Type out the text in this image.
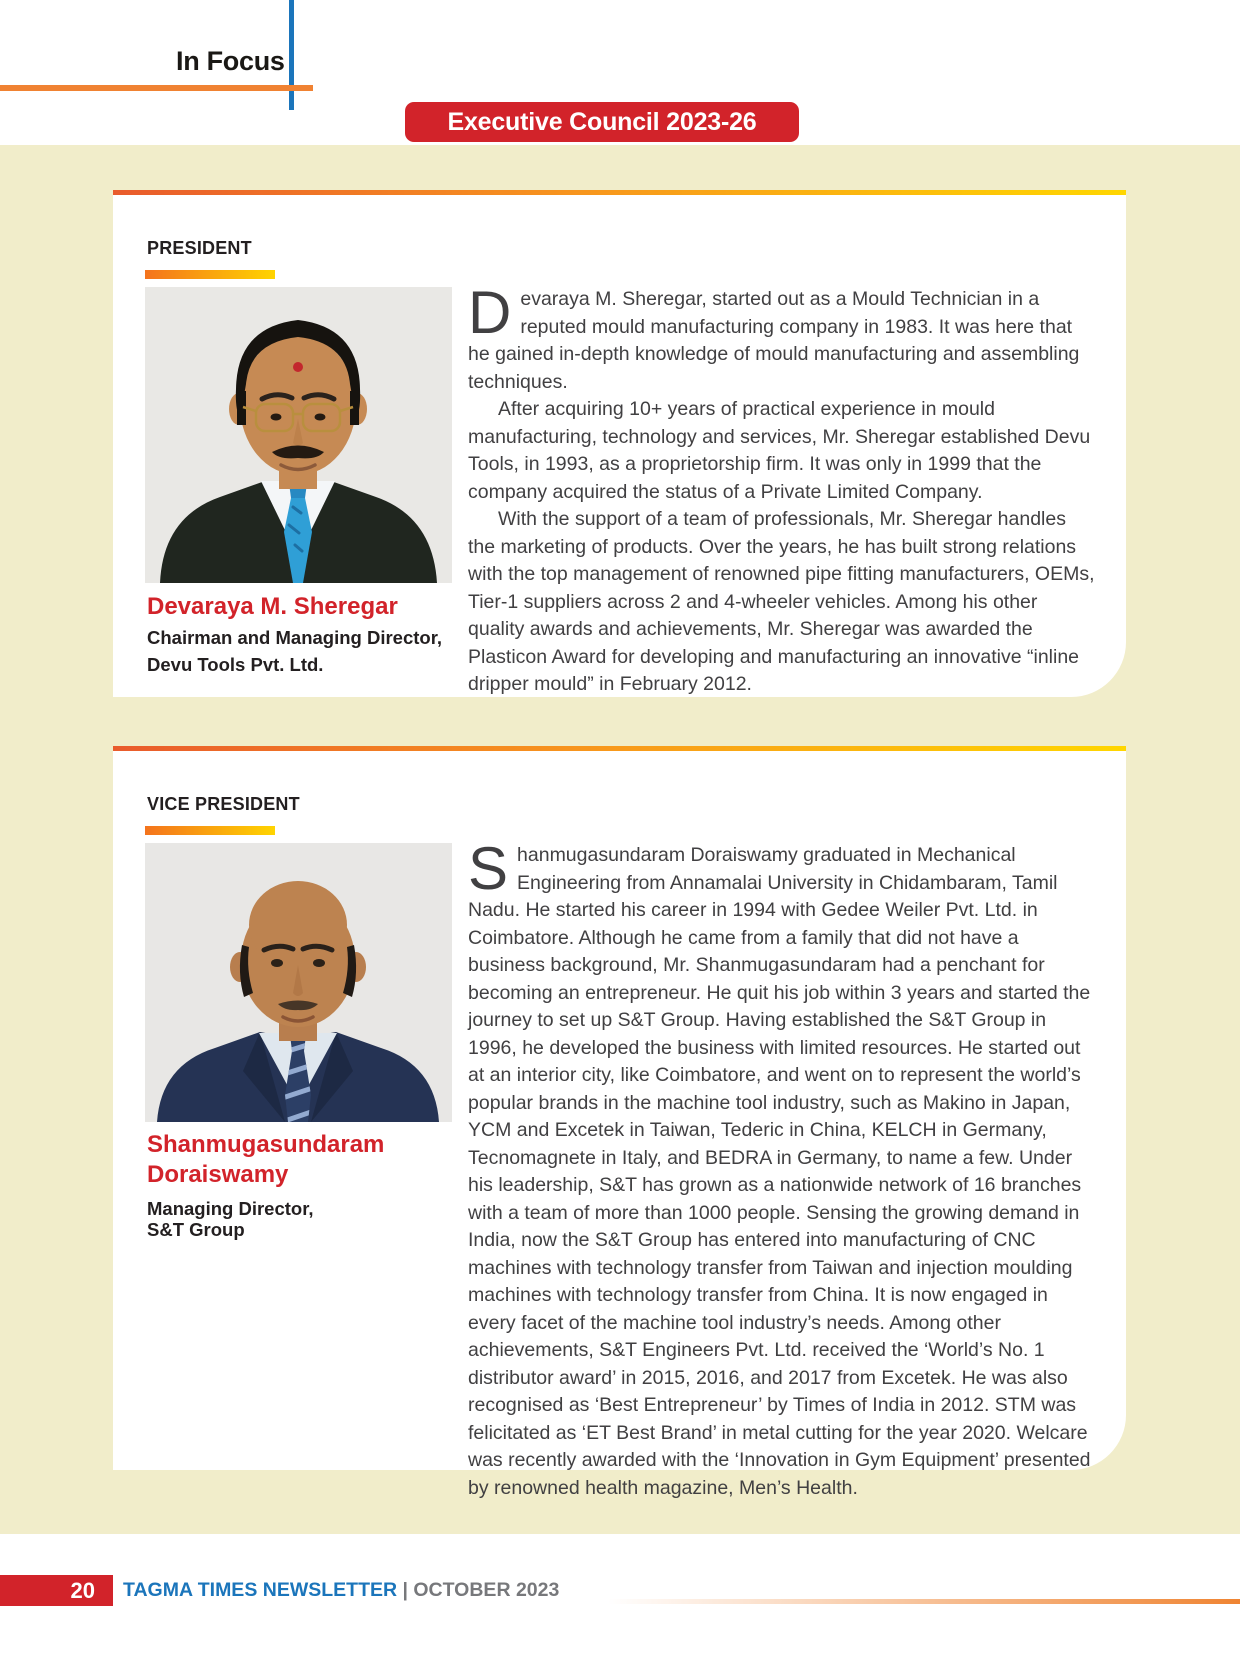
In Focus
Executive Council 2023-26
PRESIDENT
Devaraya M. Sheregar
Chairman and Managing Director,
Devu Tools Pvt. Ltd.

Devaraya M. Sheregar, started out as a Mould Technician in a reputed mould manufacturing company in 1983. It was here that he gained in-depth knowledge of mould manufacturing and assembling techniques.

After acquiring 10+ years of practical experience in mould manufacturing, technology and services, Mr. Sheregar established Devu Tools, in 1993, as a proprietorship firm. It was only in 1999 that the company acquired the status of a Private Limited Company.

With the support of a team of professionals, Mr. Sheregar handles the marketing of products. Over the years, he has built strong relations with the top management of renowned pipe fitting manufacturers, OEMs, Tier-1 suppliers across 2 and 4-wheeler vehicles. Among his other quality awards and achievements, Mr. Sheregar was awarded the Plasticon Award for developing and manufacturing an innovative “inline dripper mould” in February 2012.

VICE PRESIDENT
Shanmugasundaram Doraiswamy
Managing Director,
S&T Group

Shanmugasundaram Doraiswamy graduated in Mechanical Engineering from Annamalai University in Chidambaram, Tamil Nadu. He started his career in 1994 with Gedee Weiler Pvt. Ltd. in Coimbatore. Although he came from a family that did not have a business background, Mr. Shanmugasundaram had a penchant for becoming an entrepreneur. He quit his job within 3 years and started the journey to set up S&T Group. Having established the S&T Group in 1996, he developed the business with limited resources. He started out at an interior city, like Coimbatore, and went on to represent the world’s popular brands in the machine tool industry, such as Makino in Japan, YCM and Excetek in Taiwan, Tederic in China, KELCH in Germany, Tecnomagnete in Italy, and BEDRA in Germany, to name a few. Under his leadership, S&T has grown as a nationwide network of 16 branches with a team of more than 1000 people. Sensing the growing demand in India, now the S&T Group has entered into manufacturing of CNC machines with technology transfer from Taiwan and injection moulding machines with technology transfer from China. It is now engaged in every facet of the machine tool industry’s needs. Among other achievements, S&T Engineers Pvt. Ltd. received the ‘World’s No. 1 distributor award’ in 2015, 2016, and 2017 from Excetek. He was also recognised as ‘Best Entrepreneur’ by Times of India in 2012. STM was felicitated as ‘ET Best Brand’ in metal cutting for the year 2020. Welcare was recently awarded with the ‘Innovation in Gym Equipment’ presented by renowned health magazine, Men’s Health.

20	TAGMA TIMES NEWSLETTER | OCTOBER 2023
